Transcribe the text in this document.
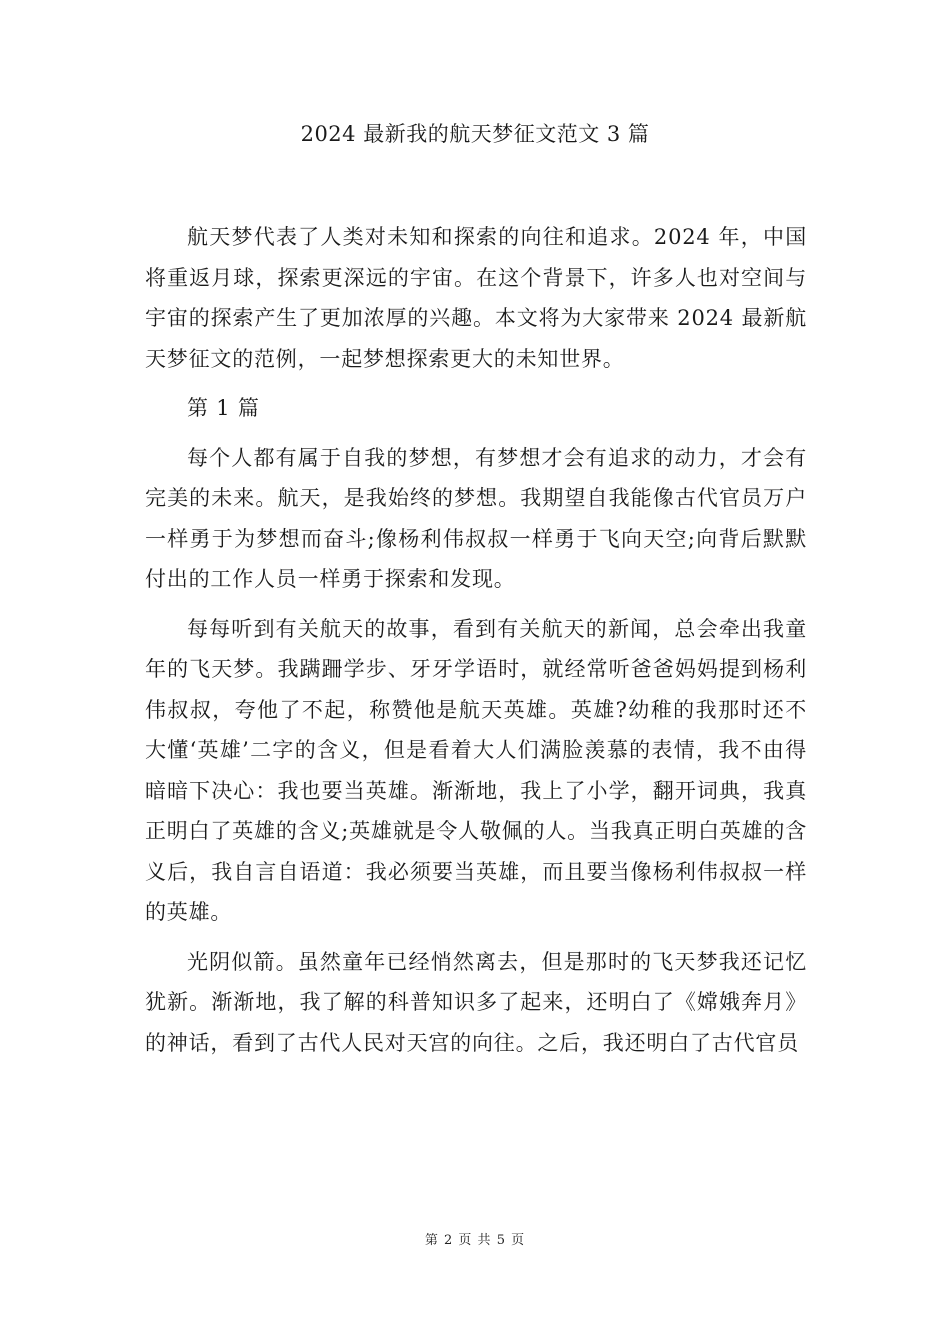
2024 最新我的航天梦征文范文 3 篇

航天梦代表了人类对未知和探索的向往和追求。2024 年，中国将重返月球，探索更深远的宇宙。在这个背景下，许多人也对空间与宇宙的探索产生了更加浓厚的兴趣。本文将为大家带来 2024 最新航天梦征文的范例，一起梦想探索更大的未知世界。

第 1 篇

每个人都有属于自我的梦想，有梦想才会有追求的动力，才会有完美的未来。航天，是我始终的梦想。我期望自我能像古代官员万户一样勇于为梦想而奋斗;像杨利伟叔叔一样勇于飞向天空;向背后默默付出的工作人员一样勇于探索和发现。

每每听到有关航天的故事，看到有关航天的新闻，总会牵出我童年的飞天梦。我蹒跚学步、牙牙学语时，就经常听爸爸妈妈提到杨利伟叔叔，夸他了不起，称赞他是航天英雄。英雄?幼稚的我那时还不大懂‘英雄’二字的含义，但是看着大人们满脸羡慕的表情，我不由得暗暗下决心：我也要当英雄。渐渐地，我上了小学，翻开词典，我真正明白了英雄的含义;英雄就是令人敬佩的人。当我真正明白英雄的含义后，我自言自语道：我必须要当英雄，而且要当像杨利伟叔叔一样的英雄。

光阴似箭。虽然童年已经悄然离去，但是那时的飞天梦我还记忆犹新。渐渐地，我了解的科普知识多了起来，还明白了《嫦娥奔月》的神话，看到了古代人民对天宫的向往。之后，我还明白了古代官员

第 2 页 共 5 页
